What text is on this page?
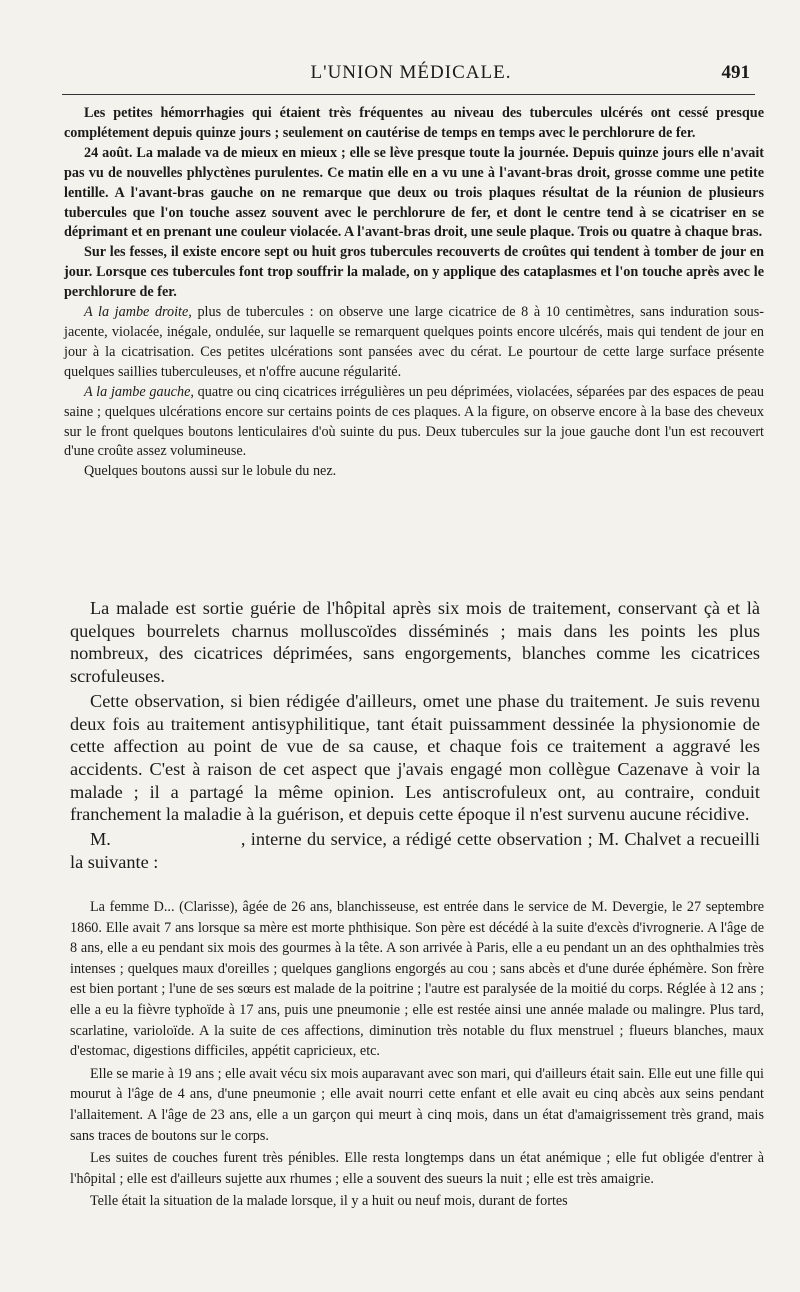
L'UNION MÉDICALE.	491

Les petites hémorrhagies qui étaient très fréquentes au niveau des tubercules ulcérés ont cessé presque complétement depuis quinze jours ; seulement on cautérise de temps en temps avec le perchlorure de fer.

24 août. La malade va de mieux en mieux ; elle se lève presque toute la journée. Depuis quinze jours elle n'avait pas vu de nouvelles phlyctènes purulentes. Ce matin elle en a vu une à l'avant-bras droit, grosse comme une petite lentille. A l'avant-bras gauche on ne remarque que deux ou trois plaques résultat de la réunion de plusieurs tubercules que l'on touche assez souvent avec le perchlorure de fer, et dont le centre tend à se cicatriser en se déprimant et en prenant une couleur violacée. A l'avant-bras droit, une seule plaque. Trois ou quatre à chaque bras.

Sur les fesses, il existe encore sept ou huit gros tubercules recouverts de croûtes qui tendent à tomber de jour en jour. Lorsque ces tubercules font trop souffrir la malade, on y applique des cataplasmes et l'on touche après avec le perchlorure de fer.

A la jambe droite, plus de tubercules : on observe une large cicatrice de 8 à 10 centimètres, sans induration sous-jacente, violacée, inégale, ondulée, sur laquelle se remarquent quelques points encore ulcérés, mais qui tendent de jour en jour à la cicatrisation. Ces petites ulcérations sont pansées avec du cérat. Le pourtour de cette large surface présente quelques saillies tuberculeuses, et n'offre aucune régularité.

A la jambe gauche, quatre ou cinq cicatrices irrégulières un peu déprimées, violacées, séparées par des espaces de peau saine ; quelques ulcérations encore sur certains points de ces plaques. A la figure, on observe encore à la base des cheveux sur le front quelques boutons lenticulaires d'où suinte du pus. Deux tubercules sur la joue gauche dont l'un est recouvert d'une croûte assez volumineuse.

Quelques boutons aussi sur le lobule du nez.

La malade est sortie guérie de l'hôpital après six mois de traitement, conservant çà et là quelques bourrelets charnus molluscoïdes disséminés ; mais dans les points les plus nombreux, des cicatrices déprimées, sans engorgements, blanches comme les cicatrices scrofuleuses.

Cette observation, si bien rédigée d'ailleurs, omet une phase du traitement. Je suis revenu deux fois au traitement antisyphilitique, tant était puissamment dessinée la physionomie de cette affection au point de vue de sa cause, et chaque fois ce traitement a aggravé les accidents. C'est à raison de cet aspect que j'avais engagé mon collègue Cazenave à voir la malade ; il a partagé la même opinion. Les antiscrofuleux ont, au contraire, conduit franchement la maladie à la guérison, et depuis cette époque il n'est survenu aucune récidive.

M.	, interne du service, a rédigé cette observation ; M. Chalvet a recueilli la suivante :

La femme D... (Clarisse), âgée de 26 ans, blanchisseuse, est entrée dans le service de M. Devergie, le 27 septembre 1860. Elle avait 7 ans lorsque sa mère est morte phthisique. Son père est décédé à la suite d'excès d'ivrognerie. A l'âge de 8 ans, elle a eu pendant six mois des gourmes à la tête. A son arrivée à Paris, elle a eu pendant un an des ophthalmies très intenses ; quelques maux d'oreilles ; quelques ganglions engorgés au cou ; sans abcès et d'une durée éphémère. Son frère est bien portant ; l'une de ses sœurs est malade de la poitrine ; l'autre est paralysée de la moitié du corps. Réglée à 12 ans ; elle a eu la fièvre typhoïde à 17 ans, puis une pneumonie ; elle est restée ainsi une année malade ou malingre. Plus tard, scarlatine, varioloïde. A la suite de ces affections, diminution très notable du flux menstruel ; flueurs blanches, maux d'estomac, digestions difficiles, appétit capricieux, etc.

Elle se marie à 19 ans ; elle avait vécu six mois auparavant avec son mari, qui d'ailleurs était sain. Elle eut une fille qui mourut à l'âge de 4 ans, d'une pneumonie ; elle avait nourri cette enfant et elle avait eu cinq abcès aux seins pendant l'allaitement. A l'âge de 23 ans, elle a un garçon qui meurt à cinq mois, dans un état d'amaigrissement très grand, mais sans traces de boutons sur le corps.

Les suites de couches furent très pénibles. Elle resta longtemps dans un état anémique ; elle fut obligée d'entrer à l'hôpital ; elle est d'ailleurs sujette aux rhumes ; elle a souvent des sueurs la nuit ; elle est très amaigrie.

Telle était la situation de la malade lorsque, il y a huit ou neuf mois, durant de fortes
